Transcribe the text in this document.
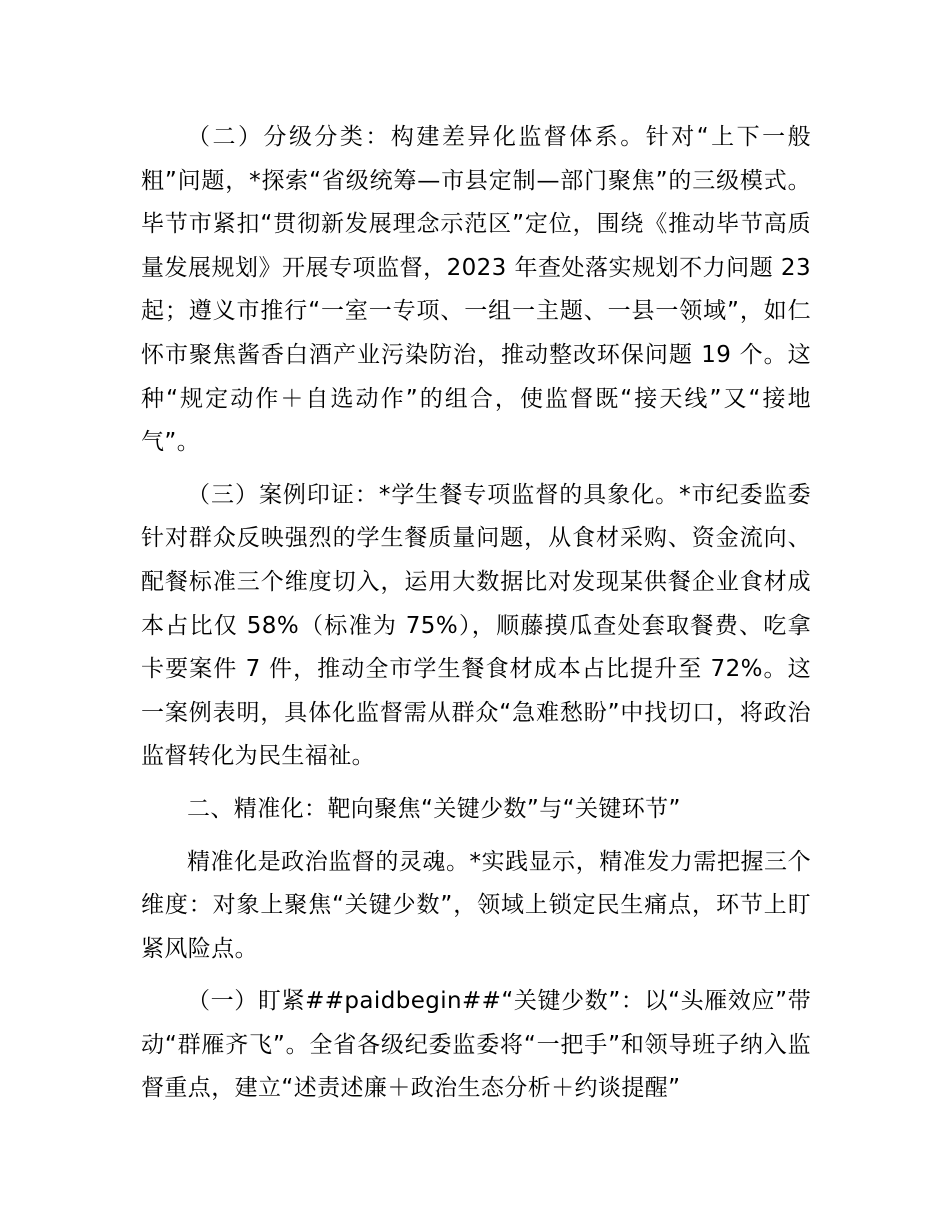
（二）分级分类：构建差异化监督体系。针对“上下一般粗”问题，*探索“省级统筹—市县定制—部门聚焦”的三级模式。毕节市紧扣“贯彻新发展理念示范区”定位，围绕《推动毕节高质量发展规划》开展专项监督，2023 年查处落实规划不力问题 23 起；遵义市推行“一室一专项、一组一主题、一县一领域”，如仁怀市聚焦酱香白酒产业污染防治，推动整改环保问题 19 个。这种“规定动作＋自选动作”的组合，使监督既“接天线”又“接地气”。

（三）案例印证：*学生餐专项监督的具象化。*市纪委监委针对群众反映强烈的学生餐质量问题，从食材采购、资金流向、配餐标准三个维度切入，运用大数据比对发现某供餐企业食材成本占比仅 58%（标准为 75%），顺藤摸瓜查处套取餐费、吃拿卡要案件 7 件，推动全市学生餐食材成本占比提升至 72%。这一案例表明，具体化监督需从群众“急难愁盼”中找切口，将政治监督转化为民生福祉。

二、精准化：靶向聚焦“关键少数”与“关键环节”

精准化是政治监督的灵魂。*实践显示，精准发力需把握三个维度：对象上聚焦“关键少数”，领域上锁定民生痛点，环节上盯紧风险点。

（一）盯紧##paidbegin##“关键少数”：以“头雁效应”带动“群雁齐飞”。全省各级纪委监委将“一把手”和领导班子纳入监督重点，建立“述责述廉＋政治生态分析＋约谈提醒”
